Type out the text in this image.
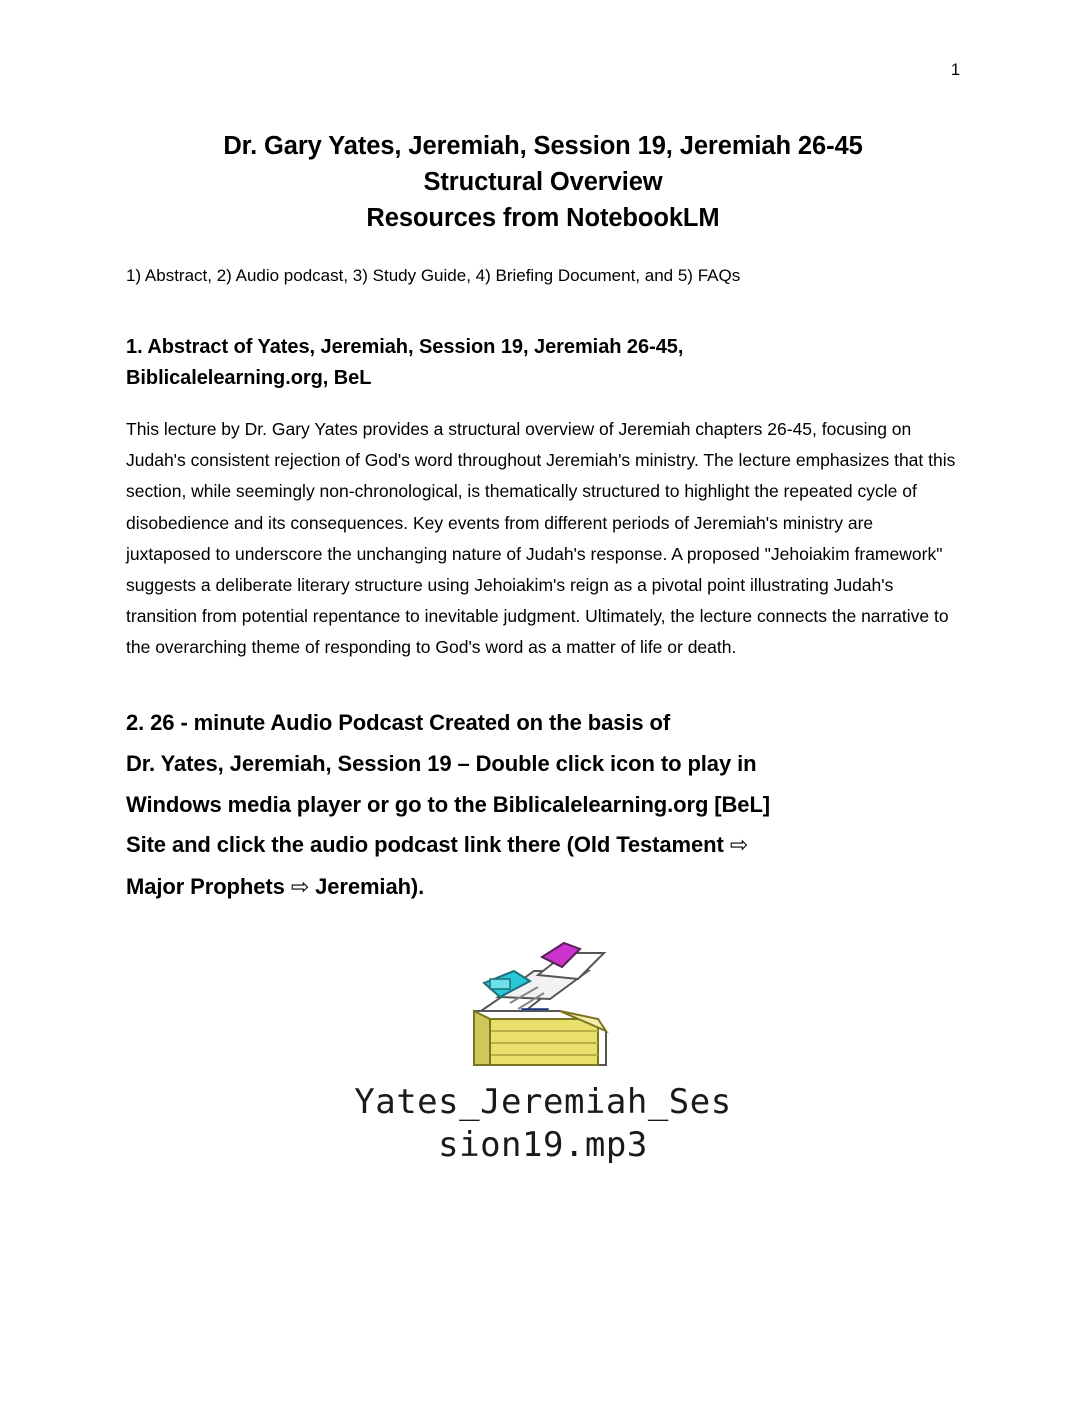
1
Dr. Gary Yates, Jeremiah, Session 19, Jeremiah 26-45
Structural Overview
Resources from NotebookLM
1) Abstract, 2) Audio podcast, 3) Study Guide, 4) Briefing Document, and 5) FAQs
1. Abstract of Yates, Jeremiah, Session 19, Jeremiah 26-45,
Biblicalelearning.org, BeL

This lecture by Dr. Gary Yates provides a structural overview of Jeremiah chapters 26-45, focusing on Judah's consistent rejection of God's word throughout Jeremiah's ministry. The lecture emphasizes that this section, while seemingly non-chronological, is thematically structured to highlight the repeated cycle of disobedience and its consequences. Key events from different periods of Jeremiah's ministry are juxtaposed to underscore the unchanging nature of Judah's response. A proposed "Jehoiakim framework" suggests a deliberate literary structure using Jehoiakim's reign as a pivotal point illustrating Judah's transition from potential repentance to inevitable judgment. Ultimately, the lecture connects the narrative to the overarching theme of responding to God's word as a matter of life or death.

2. 26 - minute Audio Podcast Created on the basis of
Dr. Yates, Jeremiah, Session 19 – Double click icon to play in
Windows media player or go to the Biblicalelearning.org [BeL]
Site and click the audio podcast link there (Old Testament ⇨
Major Prophets ⇨ Jeremiah).
Yates_Jeremiah_Ses
sion19.mp3
